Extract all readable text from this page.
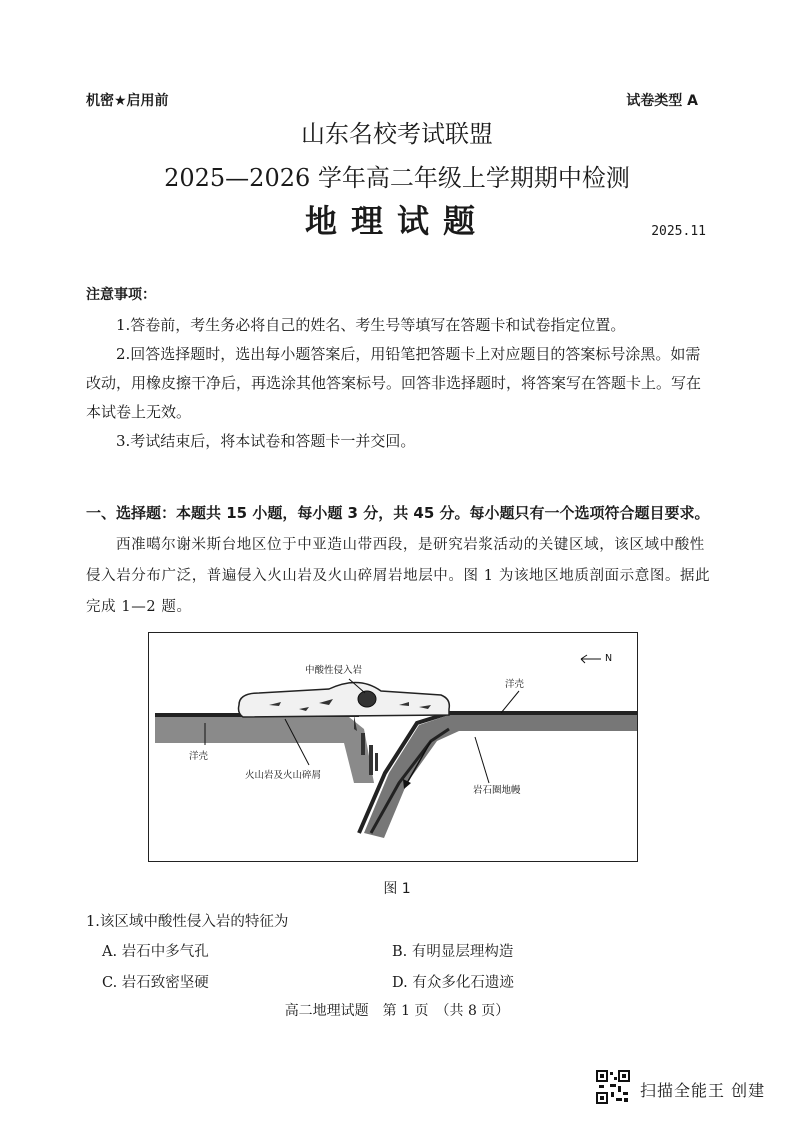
机密★启用前	试卷类型 A
山东名校考试联盟
2025—2026 学年高二年级上学期期中检测
地理试题	2025.11
注意事项：
1.答卷前，考生务必将自己的姓名、考生号等填写在答题卡和试卷指定位置。
2.回答选择题时，选出每小题答案后，用铅笔把答题卡上对应题目的答案标号涂黑。如需改动，用橡皮擦干净后，再选涂其他答案标号。回答非选择题时，将答案写在答题卡上。写在本试卷上无效。
3.考试结束后，将本试卷和答题卡一并交回。
一、选择题：本题共 15 小题，每小题 3 分，共 45 分。每小题只有一个选项符合题目要求。
西准噶尔谢米斯台地区位于中亚造山带西段，是研究岩浆活动的关键区域，该区域中酸性侵入岩分布广泛，普遍侵入火山岩及火山碎屑岩地层中。图 1 为该地区地质剖面示意图。据此完成 1—2 题。
中酸性侵入岩
洋壳
洋壳
火山岩及火山碎屑
岩石圈地幔
N
图 1
1.该区域中酸性侵入岩的特征为
A. 岩石中多气孔	B. 有明显层理构造
C. 岩石致密坚硬	D. 有众多化石遗迹
高二地理试题　第 1 页　（共 8 页）
扫描全能王 创建
